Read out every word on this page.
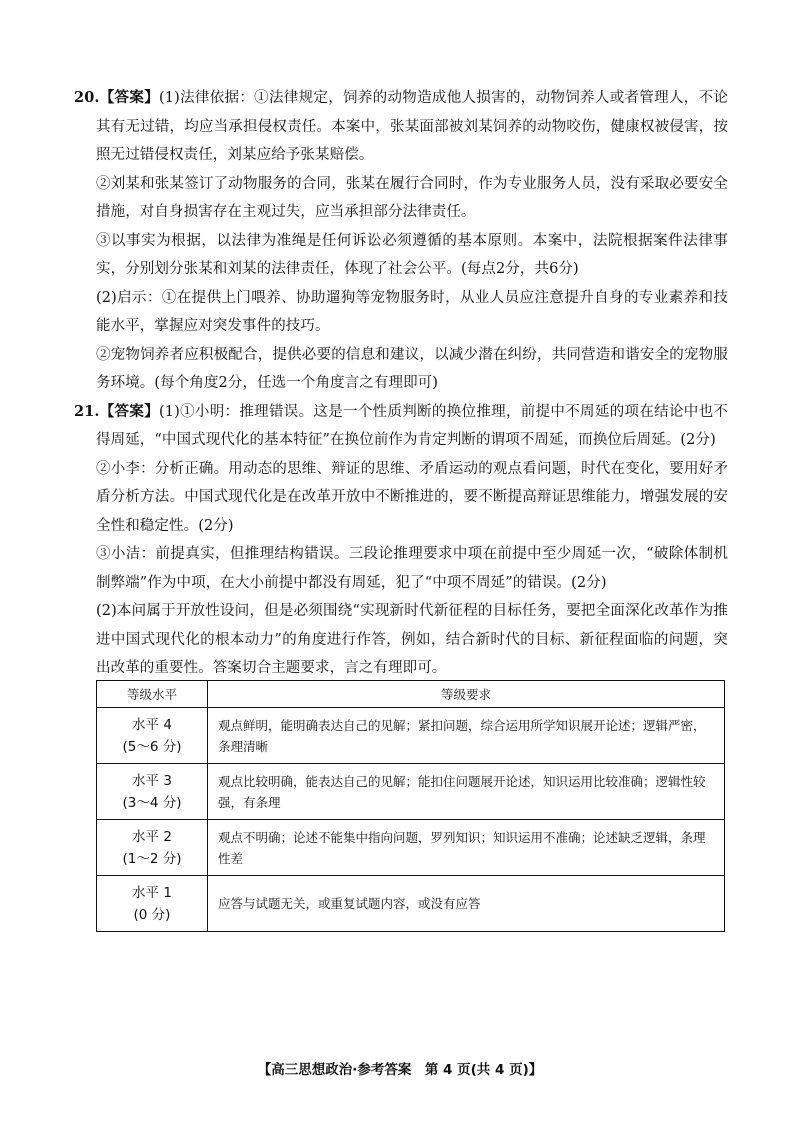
20.【答案】(1)法律依据：①法律规定，饲养的动物造成他人损害的，动物饲养人或者管理人，不论其有无过错，均应当承担侵权责任。本案中，张某面部被刘某饲养的动物咬伤，健康权被侵害，按照无过错侵权责任，刘某应给予张某赔偿。

②刘某和张某签订了动物服务的合同，张某在履行合同时，作为专业服务人员，没有采取必要安全措施，对自身损害存在主观过失，应当承担部分法律责任。

③以事实为根据，以法律为准绳是任何诉讼必须遵循的基本原则。本案中，法院根据案件法律事实，分别划分张某和刘某的法律责任，体现了社会公平。(每点2分，共6分)

(2)启示：①在提供上门喂养、协助遛狗等宠物服务时，从业人员应注意提升自身的专业素养和技能水平，掌握应对突发事件的技巧。

②宠物饲养者应积极配合，提供必要的信息和建议，以减少潜在纠纷，共同营造和谐安全的宠物服务环境。(每个角度2分，任选一个角度言之有理即可)

21.【答案】(1)①小明：推理错误。这是一个性质判断的换位推理，前提中不周延的项在结论中也不得周延，“中国式现代化的基本特征”在换位前作为肯定判断的谓项不周延，而换位后周延。(2分)

②小李：分析正确。用动态的思维、辩证的思维、矛盾运动的观点看问题，时代在变化，要用好矛盾分析方法。中国式现代化是在改革开放中不断推进的，要不断提高辩证思维能力，增强发展的安全性和稳定性。(2分)

③小洁：前提真实，但推理结构错误。三段论推理要求中项在前提中至少周延一次，“破除体制机制弊端”作为中项，在大小前提中都没有周延，犯了“中项不周延”的错误。(2分)

(2)本问属于开放性设问，但是必须围绕“实现新时代新征程的目标任务，要把全面深化改革作为推进中国式现代化的根本动力”的角度进行作答，例如，结合新时代的目标、新征程面临的问题，突出改革的重要性。答案切合主题要求，言之有理即可。

等级水平	等级要求

水平 4
(5～6 分)	观点鲜明，能明确表达自己的见解；紧扣问题，综合运用所学知识展开论述；逻辑严密，条理清晰

水平 3
(3～4 分)	观点比较明确，能表达自己的见解；能扣住问题展开论述，知识运用比较准确；逻辑性较强，有条理

水平 2
(1～2 分)	观点不明确；论述不能集中指向问题，罗列知识；知识运用不准确；论述缺乏逻辑，条理性差

水平 1
(0 分)	应答与试题无关，或重复试题内容，或没有应答
【高三思想政治·参考答案　第 4 页(共 4 页)】
